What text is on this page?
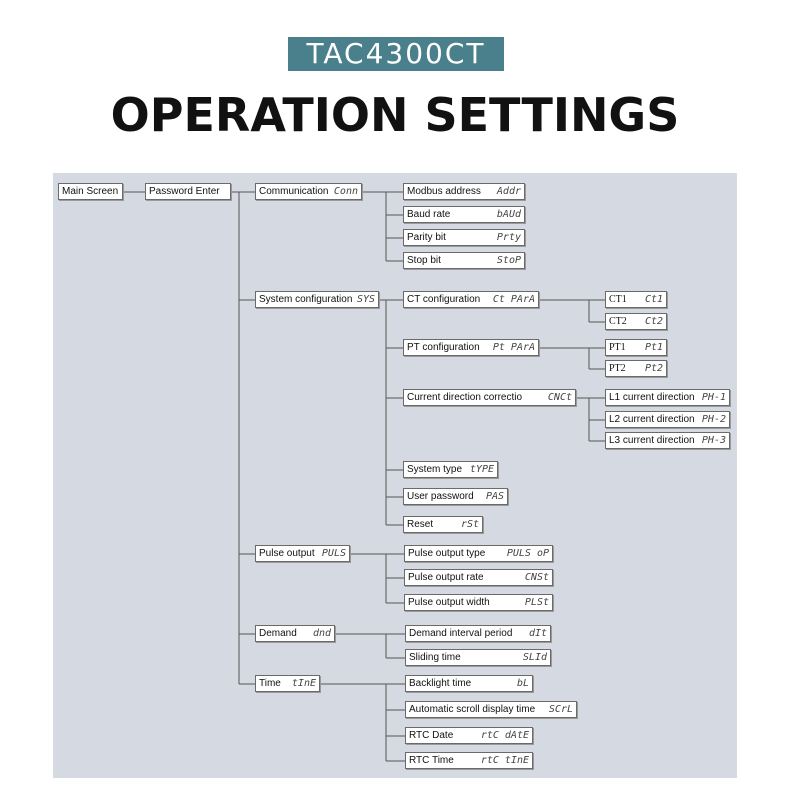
TAC4300CT
OPERATION SETTINGS
Main Screen	Password Enter	Communication Conn	Modbus address Addr
Baud rate	bAUd
Parity bit	Prty
Stop bit	StoP
System configuration SYS	CT configuration Ct PArA	CT1 Ct1
CT2 Ct2
PT configuration Pt PArA	PT1 Pt1
PT2 Pt2
Current direction correctio	CNCt	L1 current direction PH-1
L2 current direction PH-2
L3 current direction PH-3
System type tYPE
User password PAS
Reset	rSt
Pulse output PULS	Pulse output type PULS oP
Pulse output rate	CNSt
Pulse output width	PLSt
Demand dnd	Demand interval period dIt
Sliding time	SLId
Time tInE	Backlight time	bL
Automatic scroll display time SCrL
RTC Date	rtC dAtE
RTC Time	rtC tInE
